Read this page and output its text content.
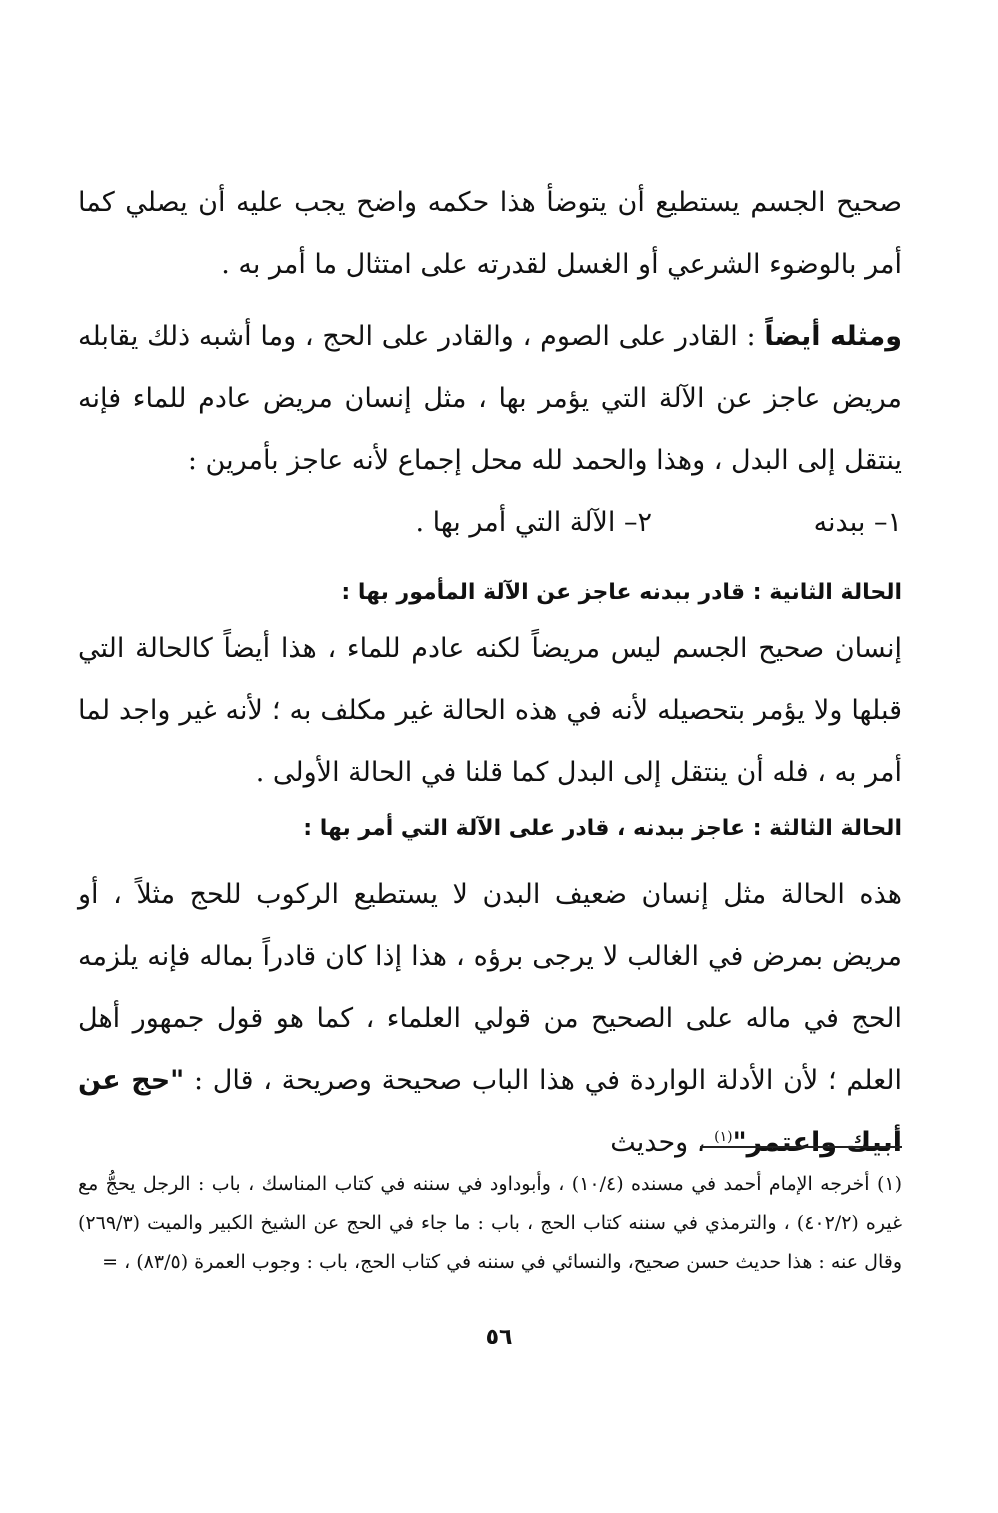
صحيح الجسم يستطيع أن يتوضأ هذا حكمه واضح يجب عليه أن يصلي كما أمر بالوضوء الشرعي أو الغسل لقدرته على امتثال ما أمر به .

ومثله أيضاً : القادر على الصوم ، والقادر على الحج ، وما أشبه ذلك يقابله مريض عاجز عن الآلة التي يؤمر بها ، مثل إنسان مريض عادم للماء فإنه ينتقل إلى البدل ، وهذا والحمد لله محل إجماع لأنه عاجز بأمرين :

١– ببدنه٢– الآلة التي أمر بها .

الحالة الثانية : قادر ببدنه عاجز عن الآلة المأمور بها :

إنسان صحيح الجسم ليس مريضاً لكنه عادم للماء ، هذا أيضاً كالحالة التي قبلها ولا يؤمر بتحصيله لأنه في هذه الحالة غير مكلف به ؛ لأنه غير واجد لما أمر به ، فله أن ينتقل إلى البدل كما قلنا في الحالة الأولى .

الحالة الثالثة : عاجز ببدنه ، قادر على الآلة التي أمر بها :

هذه الحالة مثل إنسان ضعيف البدن لا يستطيع الركوب للحج مثلاً ، أو مريض بمرض في الغالب لا يرجى برؤه ، هذا إذا كان قادراً بماله فإنه يلزمه الحج في ماله على الصحيح من قولي العلماء ، كما هو قول جمهور أهل العلم ؛ لأن الأدلة الواردة في هذا الباب صحيحة وصريحة ، قال : "حج عن أبيك واعتمر"$^{(١)}$ ، وحديث

(١) أخرجه الإمام أحمد في مسنده (١٠/٤) ، وأبوداود في سننه في كتاب المناسك ، باب : الرجل يحجُّ مع غيره (٤٠٢/٢) ، والترمذي في سننه كتاب الحج ، باب : ما جاء في الحج عن الشيخ الكبير والميت (٢٦٩/٣) وقال عنه : هذا حديث حسن صحيح، والنسائي في سننه في كتاب الحج، باب : وجوب العمرة (٨٣/٥) ، =

٥٦
